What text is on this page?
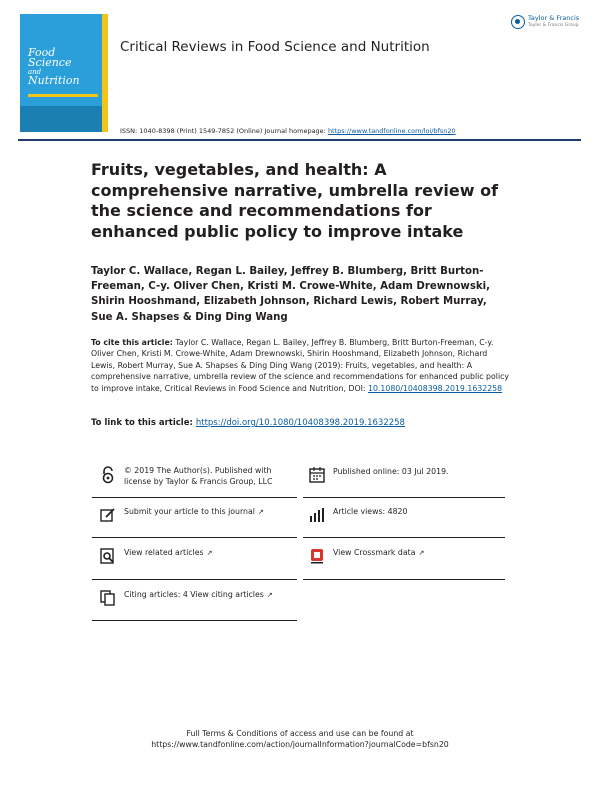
Food
Science
and
Nutrition
Critical Reviews in Food Science and Nutrition
Taylor & Francis
Taylor & Francis Group
ISSN: 1040-8398 (Print) 1549-7852 (Online) Journal homepage: https://www.tandfonline.com/loi/bfsn20
Fruits, vegetables, and health: A comprehensive narrative, umbrella review of the science and recommendations for enhanced public policy to improve intake
Taylor C. Wallace, Regan L. Bailey, Jeffrey B. Blumberg, Britt Burton-Freeman, C-y. Oliver Chen, Kristi M. Crowe-White, Adam Drewnowski, Shirin Hooshmand, Elizabeth Johnson, Richard Lewis, Robert Murray, Sue A. Shapses & Ding Ding Wang
To cite this article: Taylor C. Wallace, Regan L. Bailey, Jeffrey B. Blumberg, Britt Burton-Freeman, C-y. Oliver Chen, Kristi M. Crowe-White, Adam Drewnowski, Shirin Hooshmand, Elizabeth Johnson, Richard Lewis, Robert Murray, Sue A. Shapses & Ding Ding Wang (2019): Fruits, vegetables, and health: A comprehensive narrative, umbrella review of the science and recommendations for enhanced public policy to improve intake, Critical Reviews in Food Science and Nutrition, DOI: 10.1080/10408398.2019.1632258
To link to this article: https://doi.org/10.1080/10408398.2019.1632258
© 2019 The Author(s). Published with license by Taylor & Francis Group, LLC
Submit your article to this journal ↗
View related articles ↗
Citing articles: 4 View citing articles ↗
Published online: 03 Jul 2019.
Article views: 4820
View Crossmark data ↗
Full Terms & Conditions of access and use can be found at
https://www.tandfonline.com/action/journalInformation?journalCode=bfsn20
